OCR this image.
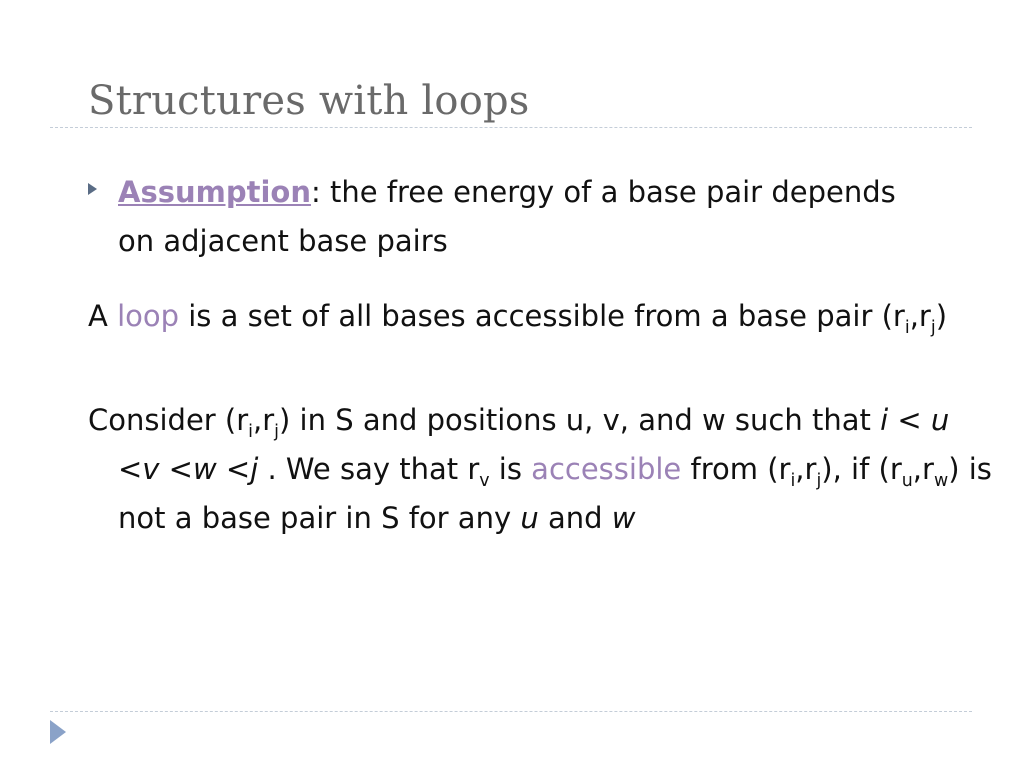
Structures with loops
Assumption: the free energy of a base pair depends on adjacent base pairs
A loop is a set of all bases accessible from a base pair $(r_i,r_j)$
Consider $(r_i,r_j)$ in S and positions u, v, and w such that i < u <v <w <j . We say that $r_v$ is accessible from $(r_i,r_j)$, if $(r_u,r_w)$ is not a base pair in S for any u and w
